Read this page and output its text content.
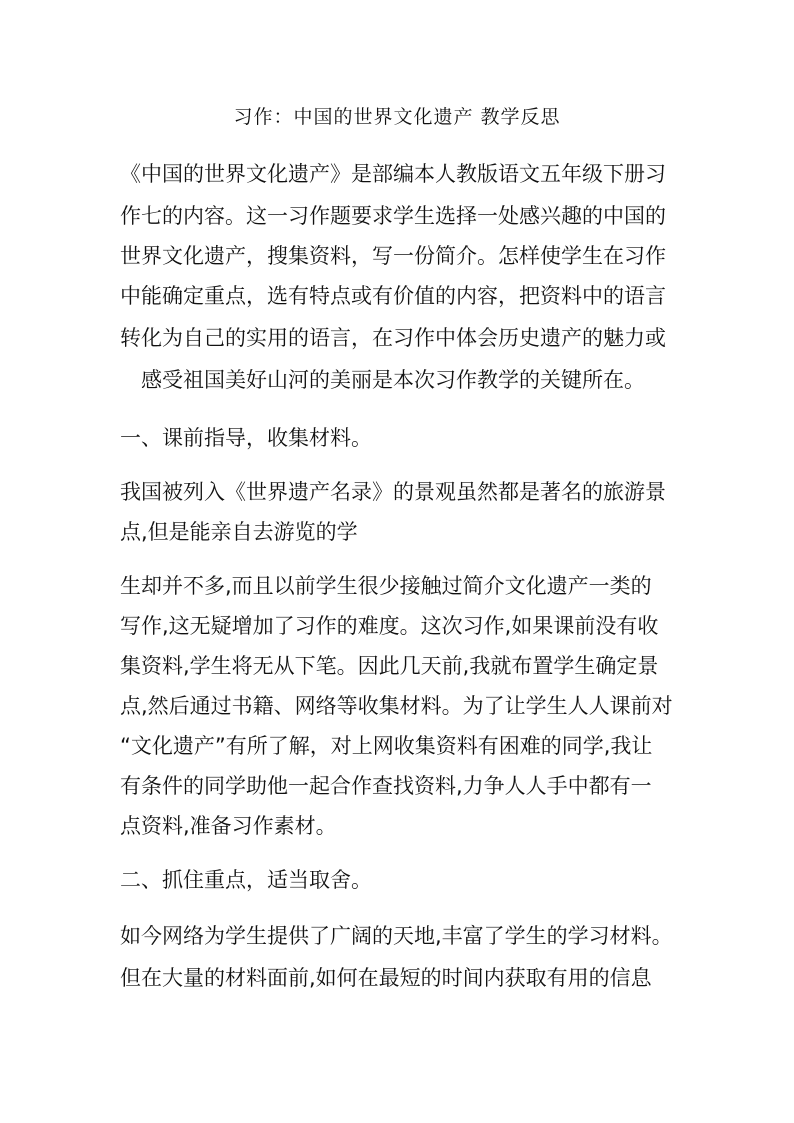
习作：中国的世界文化遗产 教学反思
《中国的世界文化遗产》是部编本人教版语文五年级下册习
作七的内容。这一习作题要求学生选择一处感兴趣的中国的
世界文化遗产，搜集资料，写一份简介。怎样使学生在习作
中能确定重点，选有特点或有价值的内容，把资料中的语言
转化为自己的实用的语言，在习作中体会历史遗产的魅力或
感受祖国美好山河的美丽是本次习作教学的关键所在。
一、课前指导，收集材料。
我国被列入《世界遗产名录》的景观虽然都是著名的旅游景
点,但是能亲自去游览的学
生却并不多,而且以前学生很少接触过简介文化遗产一类的
写作,这无疑增加了习作的难度。这次习作,如果课前没有收
集资料,学生将无从下笔。因此几天前,我就布置学生确定景
点,然后通过书籍、网络等收集材料。为了让学生人人课前对
“文化遗产”有所了解，对上网收集资料有困难的同学,我让
有条件的同学助他一起合作查找资料,力争人人手中都有一
点资料,准备习作素材。
二、抓住重点，适当取舍。
如今网络为学生提供了广阔的天地,丰富了学生的学习材料。
但在大量的材料面前,如何在最短的时间内获取有用的信息
